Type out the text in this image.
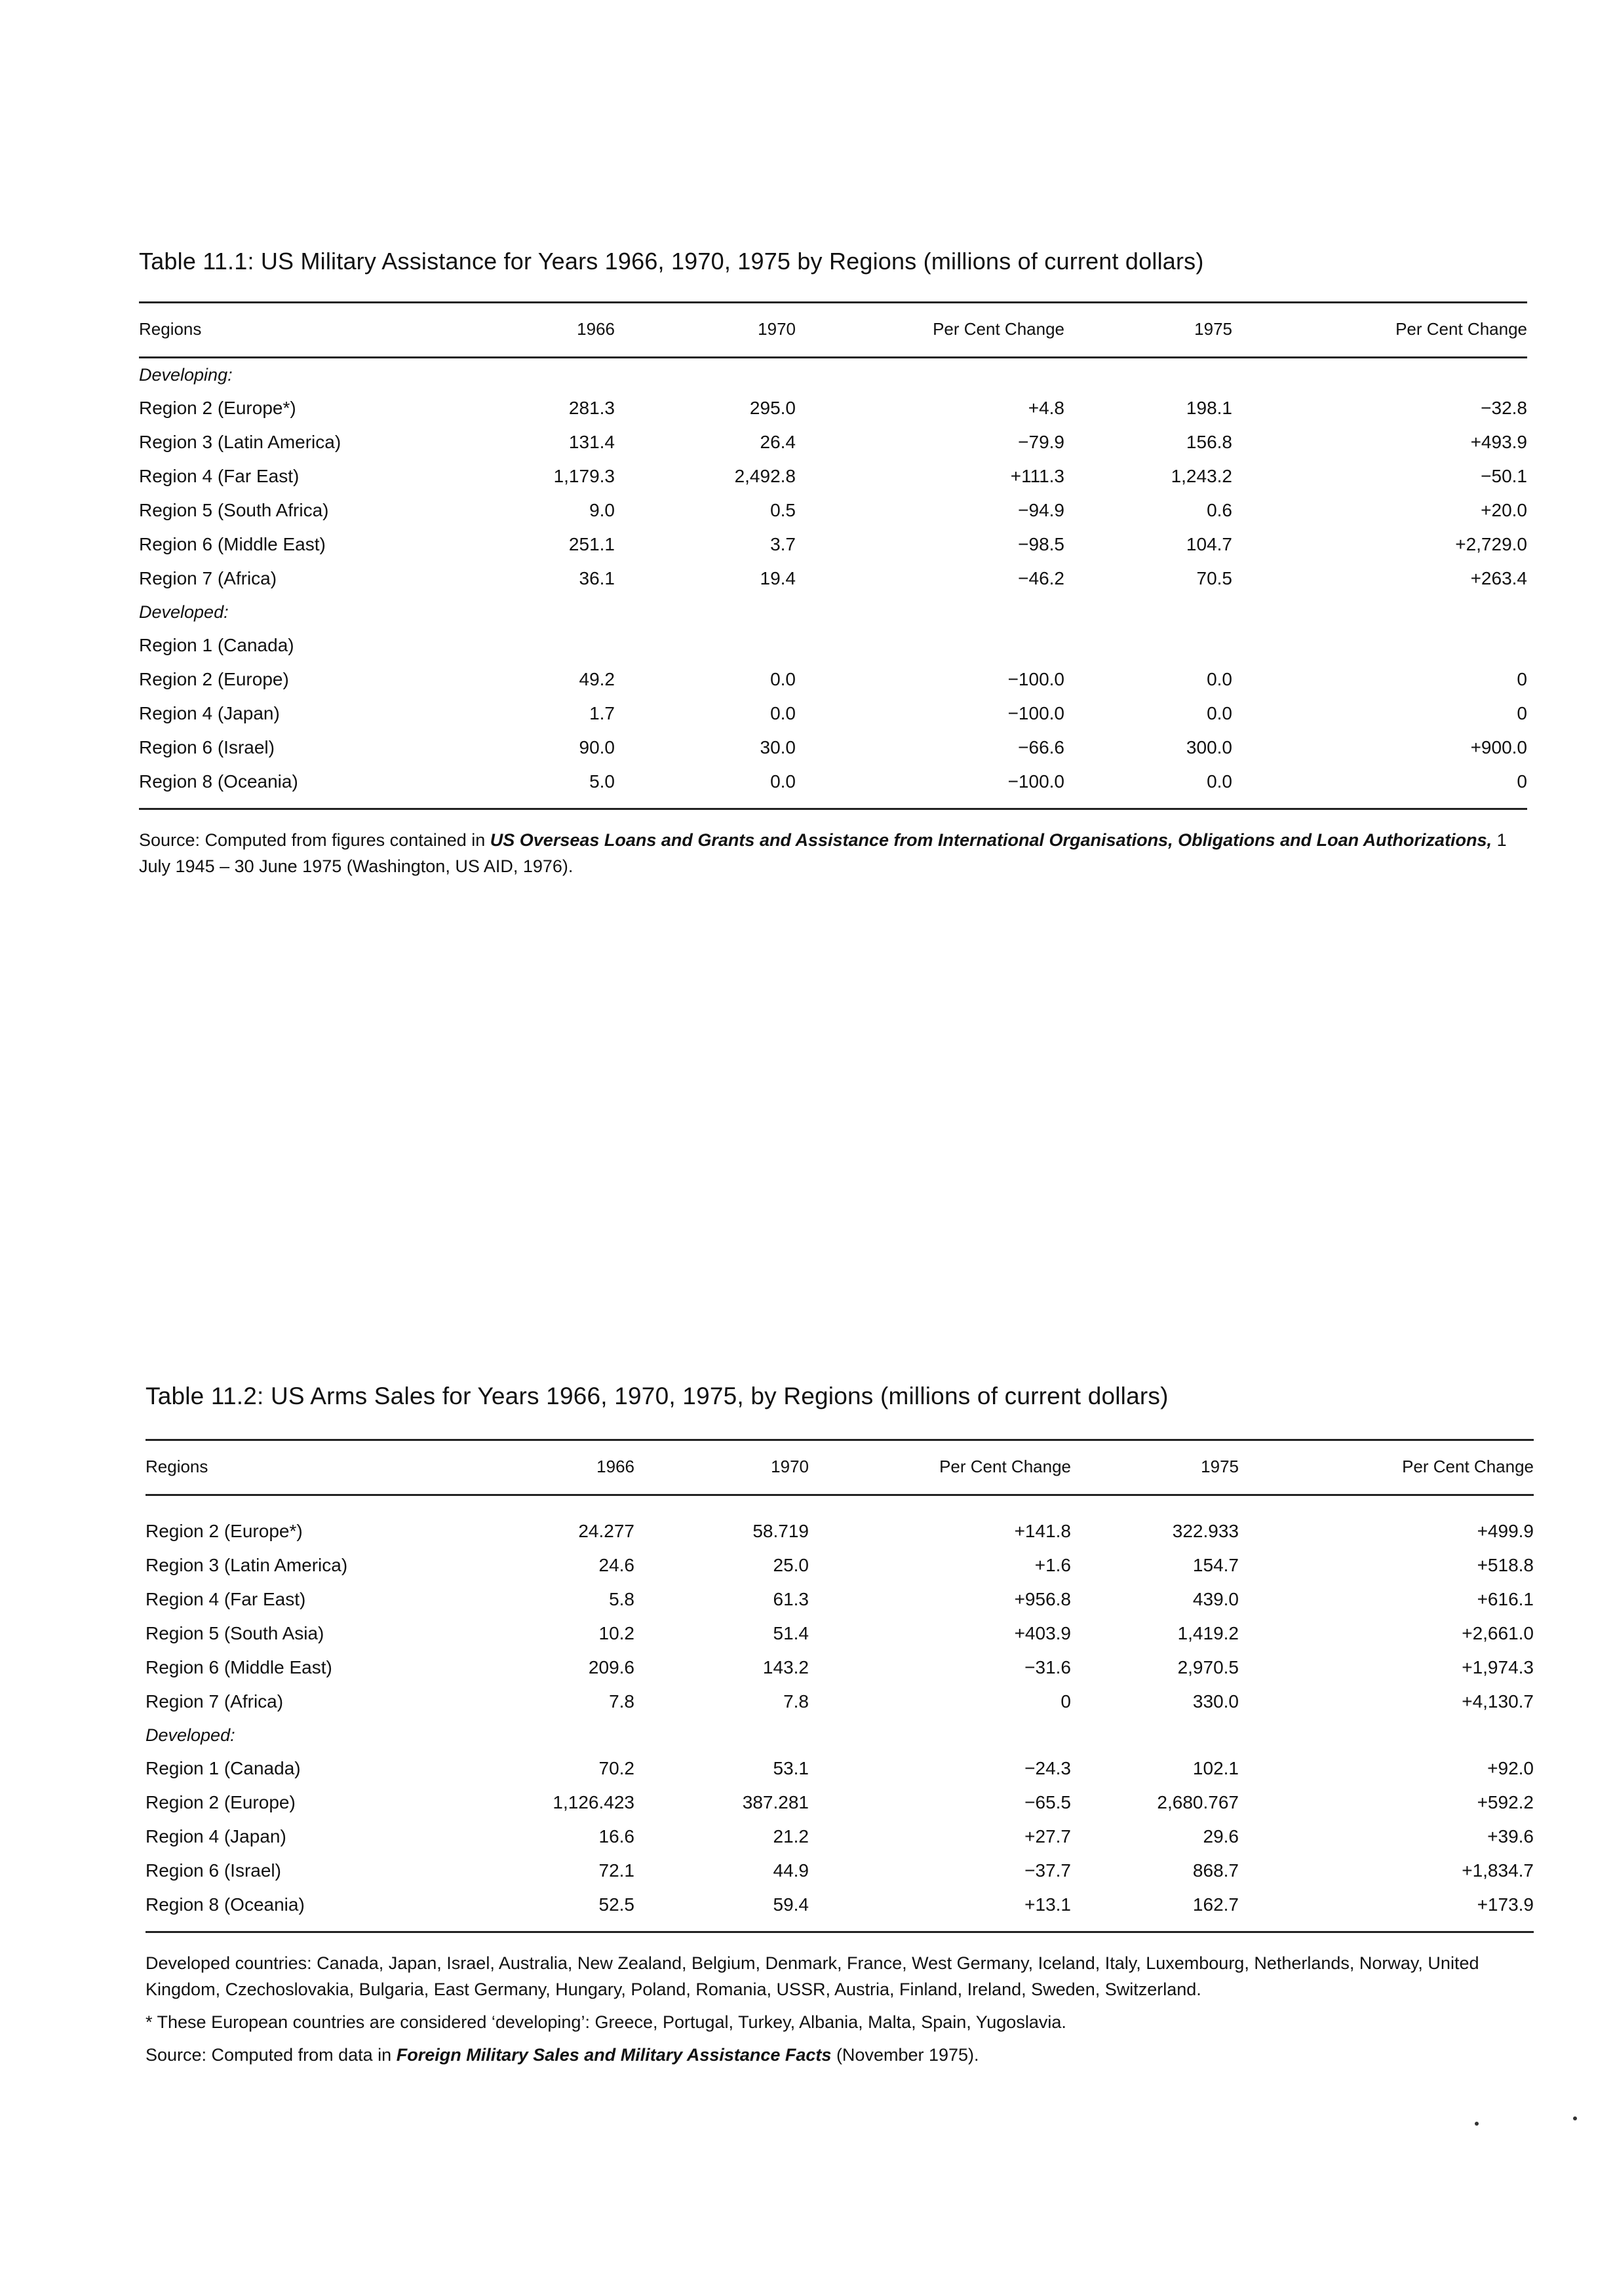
Table 11.1: US Military Assistance for Years 1966, 1970, 1975 by Regions (millions of current dollars)
Regions	1966	1970	Per Cent Change	1975	Per Cent Change
Developing:					
Region 2 (Europe*)	281.3	295.0	+4.8	198.1	−32.8
Region 3 (Latin America)	131.4	26.4	−79.9	156.8	+493.9
Region 4 (Far East)	1,179.3	2,492.8	+111.3	1,243.2	−50.1
Region 5 (South Africa)	9.0	0.5	−94.9	0.6	+20.0
Region 6 (Middle East)	251.1	3.7	−98.5	104.7	+2,729.0
Region 7 (Africa)	36.1	19.4	−46.2	70.5	+263.4
Developed:					
Region 1 (Canada)					
Region 2 (Europe)	49.2	0.0	−100.0	0.0	0
Region 4 (Japan)	1.7	0.0	−100.0	0.0	0
Region 6 (Israel)	90.0	30.0	−66.6	300.0	+900.0
Region 8 (Oceania)	5.0	0.0	−100.0	0.0	0

Source: Computed from figures contained in US Overseas Loans and Grants and Assistance from International Organisations, Obligations and Loan Authorizations, 1 July 1945 – 30 June 1975 (Washington, US AID, 1976).

Table 11.2: US Arms Sales for Years 1966, 1970, 1975, by Regions (millions of current dollars)
Regions	1966	1970	Per Cent Change	1975	Per Cent Change

Region 2 (Europe*)	24.277	58.719	+141.8	322.933	+499.9
Region 3 (Latin America)	24.6	25.0	+1.6	154.7	+518.8
Region 4 (Far East)	5.8	61.3	+956.8	439.0	+616.1
Region 5 (South Asia)	10.2	51.4	+403.9	1,419.2	+2,661.0
Region 6 (Middle East)	209.6	143.2	−31.6	2,970.5	+1,974.3
Region 7 (Africa)	7.8	7.8	0	330.0	+4,130.7
Developed:					
Region 1 (Canada)	70.2	53.1	−24.3	102.1	+92.0
Region 2 (Europe)	1,126.423	387.281	−65.5	2,680.767	+592.2
Region 4 (Japan)	16.6	21.2	+27.7	29.6	+39.6
Region 6 (Israel)	72.1	44.9	−37.7	868.7	+1,834.7
Region 8 (Oceania)	52.5	59.4	+13.1	162.7	+173.9

Developed countries: Canada, Japan, Israel, Australia, New Zealand, Belgium, Denmark, France, West Germany, Iceland, Italy, Luxembourg, Netherlands, Norway, United Kingdom, Czechoslovakia, Bulgaria, East Germany, Hungary, Poland, Romania, USSR, Austria, Finland, Ireland, Sweden, Switzerland.

* These European countries are considered ‘developing’: Greece, Portugal, Turkey, Albania, Malta, Spain, Yugoslavia.

Source: Computed from data in Foreign Military Sales and Military Assistance Facts (November 1975).
